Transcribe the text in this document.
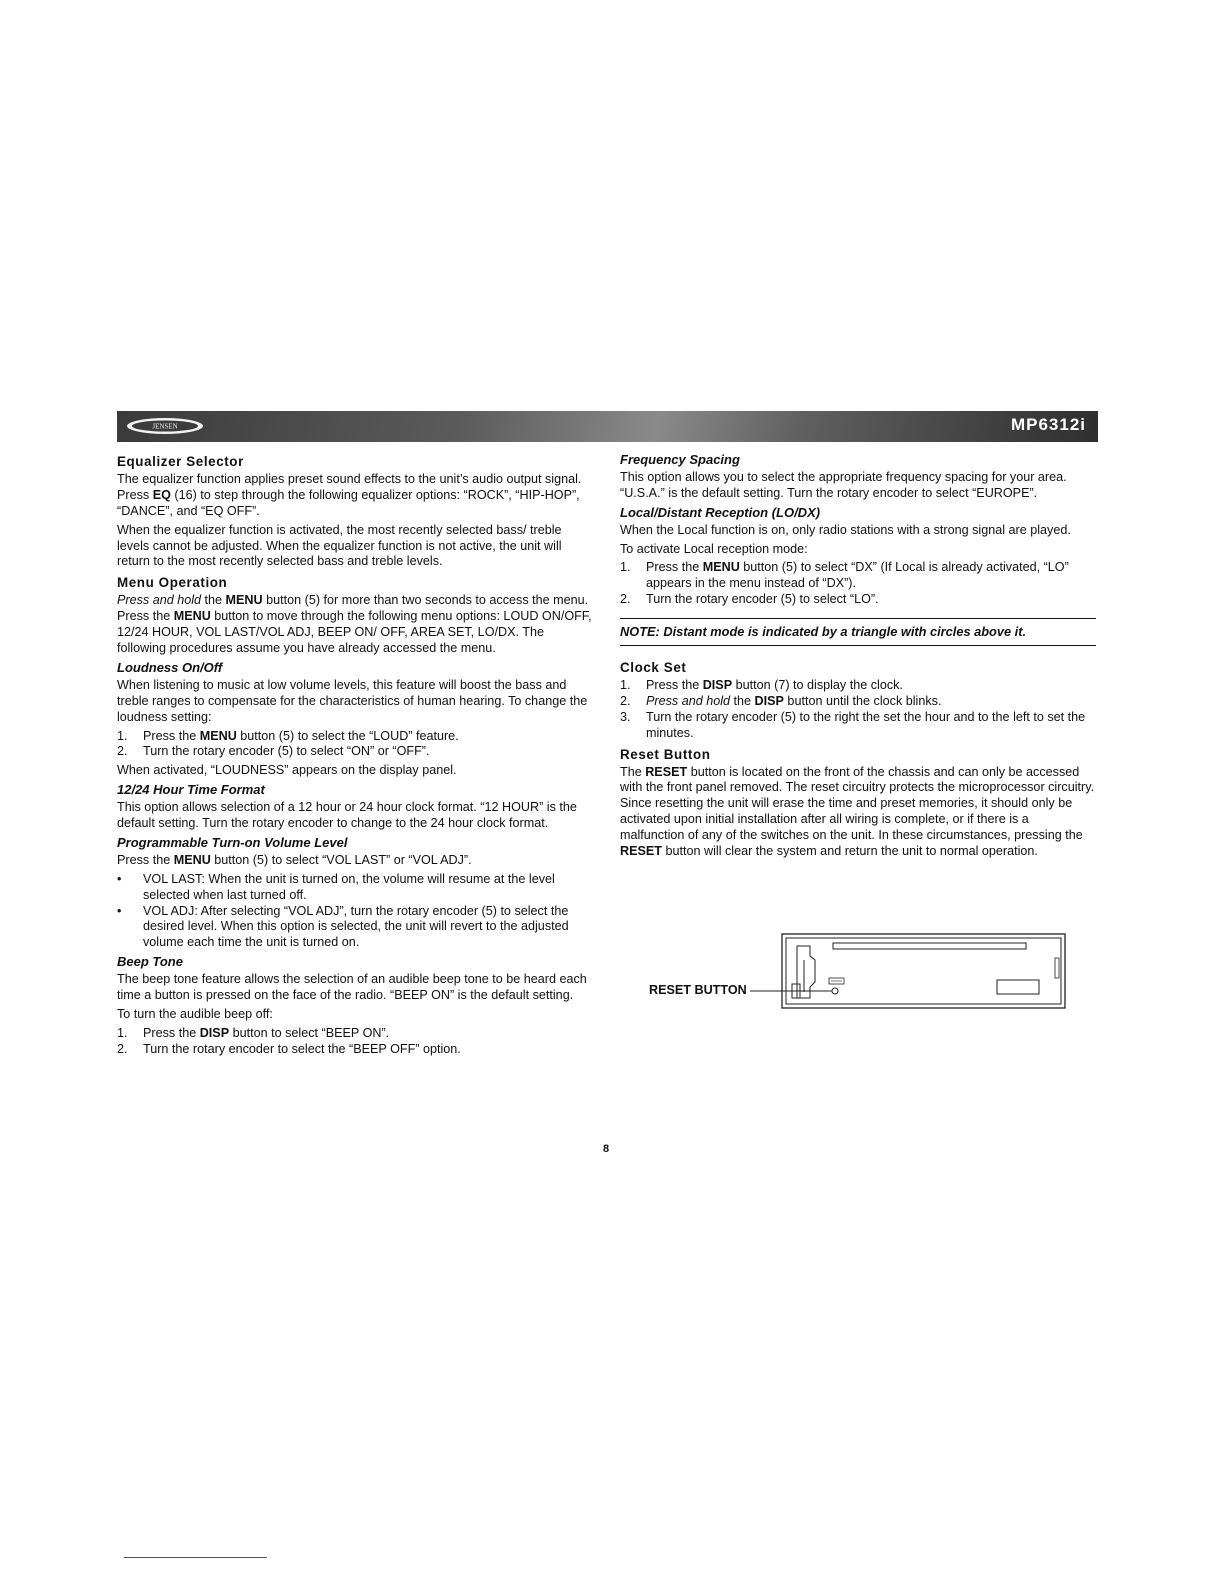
JENSEN	MP6312i
Equalizer Selector

The equalizer function applies preset sound effects to the unit’s audio output signal. Press EQ (16) to step through the following equalizer options: “ROCK”, “HIP-HOP”, “DANCE”, and “EQ OFF”.

When the equalizer function is activated, the most recently selected bass/ treble levels cannot be adjusted. When the equalizer function is not active, the unit will return to the most recently selected bass and treble levels.

Menu Operation

Press and hold the MENU button (5) for more than two seconds to access the menu. Press the MENU button to move through the following menu options: LOUD ON/OFF, 12/24 HOUR, VOL LAST/VOL ADJ, BEEP ON/ OFF, AREA SET, LO/DX. The following procedures assume you have already accessed the menu.

Loudness On/Off

When listening to music at low volume levels, this feature will boost the bass and treble ranges to compensate for the characteristics of human hearing. To change the loudness setting:

1.	Press the MENU button (5) to select the “LOUD” feature.
2.	Turn the rotary encoder (5) to select “ON” or “OFF”.

When activated, “LOUDNESS” appears on the display panel.

12/24 Hour Time Format

This option allows selection of a 12 hour or 24 hour clock format. “12 HOUR” is the default setting. Turn the rotary encoder to change to the 24 hour clock format.

Programmable Turn-on Volume Level

Press the MENU button (5) to select “VOL LAST” or “VOL ADJ”.

•	VOL LAST: When the unit is turned on, the volume will resume at the level selected when last turned off.
•	VOL ADJ: After selecting “VOL ADJ”, turn the rotary encoder (5) to select the desired level. When this option is selected, the unit will revert to the adjusted volume each time the unit is turned on.
Beep Tone

The beep tone feature allows the selection of an audible beep tone to be heard each time a button is pressed on the face of the radio. “BEEP ON” is the default setting.

To turn the audible beep off:

1.	Press the DISP button to select “BEEP ON”.
2.	Turn the rotary encoder to select the “BEEP OFF” option.
Frequency Spacing

This option allows you to select the appropriate frequency spacing for your area. “U.S.A.” is the default setting. Turn the rotary encoder to select “EUROPE”.

Local/Distant Reception (LO/DX)

When the Local function is on, only radio stations with a strong signal are played.

To activate Local reception mode:

1.	Press the MENU button (5) to select “DX” (If Local is already activated, “LO” appears in the menu instead of “DX”).
2.	Turn the rotary encoder (5) to select “LO”.
NOTE: Distant mode is indicated by a triangle with circles above it.
Clock Set
1.	Press the DISP button (7) to display the clock.
2.	Press and hold the DISP button until the clock blinks.
3.	Turn the rotary encoder (5) to the right the set the hour and to the left to set the minutes.
Reset Button

The RESET button is located on the front of the chassis and can only be accessed with the front panel removed. The reset circuitry protects the microprocessor circuitry. Since resetting the unit will erase the time and preset memories, it should only be activated upon initial installation after all wiring is complete, or if there is a malfunction of any of the switches on the unit. In these circumstances, pressing the RESET button will clear the system and return the unit to normal operation.

RESET BUTTON
8
